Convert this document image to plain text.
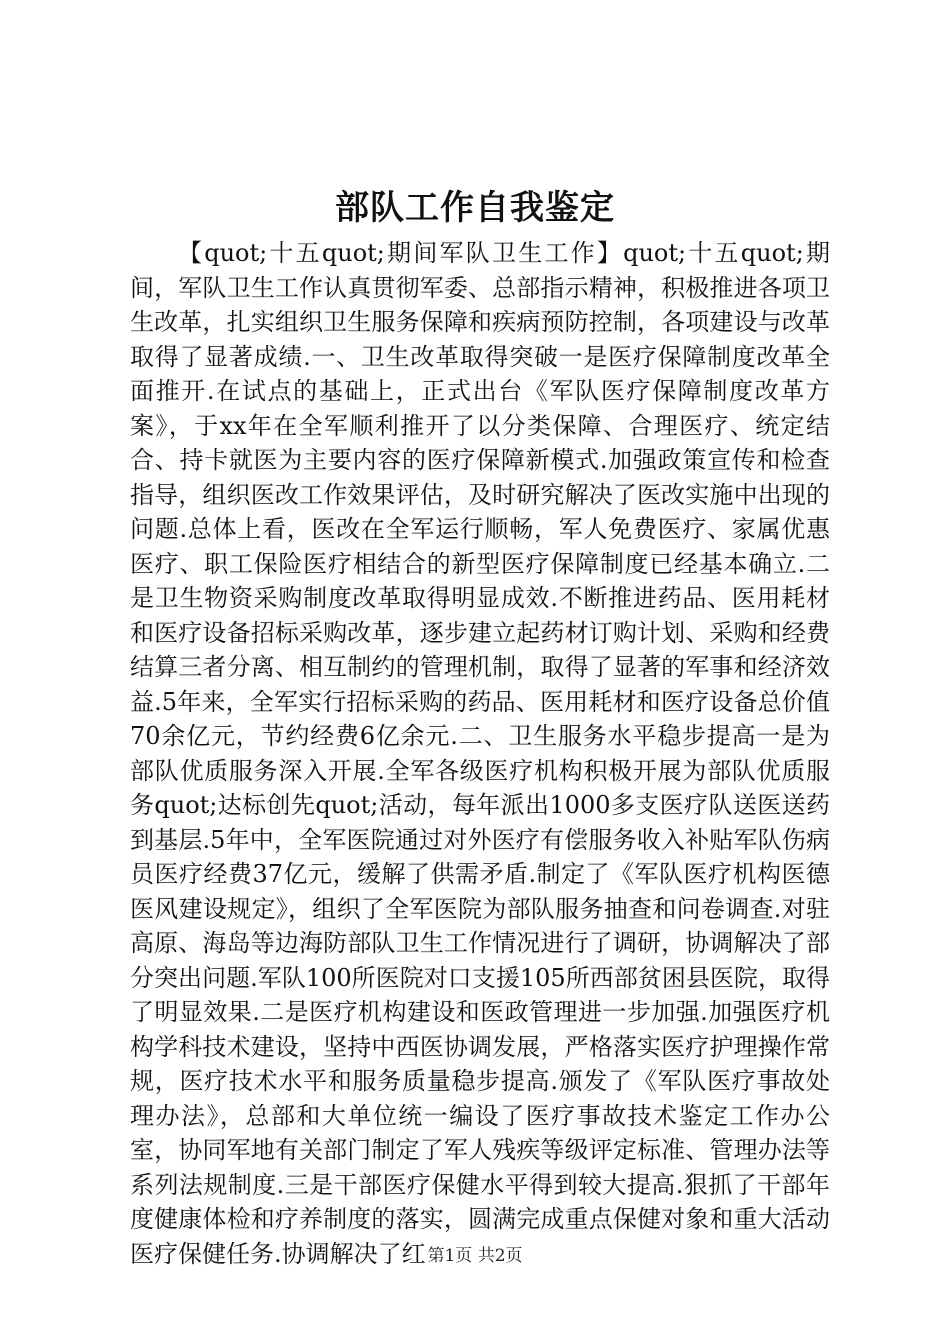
部队工作自我鉴定

【quot;十五quot;期间军队卫生工作】quot;十五quot;期间，军队卫生工作认真贯彻军委、总部指示精神，积极推进各项卫生改革，扎实组织卫生服务保障和疾病预防控制，各项建设与改革取得了显著成绩.一、卫生改革取得突破一是医疗保障制度改革全面推开.在试点的基础上，正式出台《军队医疗保障制度改革方案》，于xx年在全军顺利推开了以分类保障、合理医疗、统定结合、持卡就医为主要内容的医疗保障新模式.加强政策宣传和检查指导，组织医改工作效果评估，及时研究解决了医改实施中出现的问题.总体上看，医改在全军运行顺畅，军人免费医疗、家属优惠医疗、职工保险医疗相结合的新型医疗保障制度已经基本确立.二是卫生物资采购制度改革取得明显成效.不断推进药品、医用耗材和医疗设备招标采购改革，逐步建立起药材订购计划、采购和经费结算三者分离、相互制约的管理机制，取得了显著的军事和经济效益.5年来，全军实行招标采购的药品、医用耗材和医疗设备总价值70余亿元，节约经费6亿余元.二、卫生服务水平稳步提高一是为部队优质服务深入开展.全军各级医疗机构积极开展为部队优质服务quot;达标创先quot;活动，每年派出1000多支医疗队送医送药到基层.5年中，全军医院通过对外医疗有偿服务收入补贴军队伤病员医疗经费37亿元，缓解了供需矛盾.制定了《军队医疗机构医德医风建设规定》，组织了全军医院为部队服务抽查和问卷调查.对驻高原、海岛等边海防部队卫生工作情况进行了调研，协调解决了部分突出问题.军队100所医院对口支援105所西部贫困县医院，取得了明显效果.二是医疗机构建设和医政管理进一步加强.加强医疗机构学科技术建设，坚持中西医协调发展，严格落实医疗护理操作常规，医疗技术水平和服务质量稳步提高.颁发了《军队医疗事故处理办法》，总部和大单位统一编设了医疗事故技术鉴定工作办公室，协同军地有关部门制定了军人残疾等级评定标准、管理办法等系列法规制度.三是干部医疗保健水平得到较大提高.狠抓了干部年度健康体检和疗养制度的落实，圆满完成重点保健对象和重大活动医疗保健任务.协调解决了红 第1页 共2页
